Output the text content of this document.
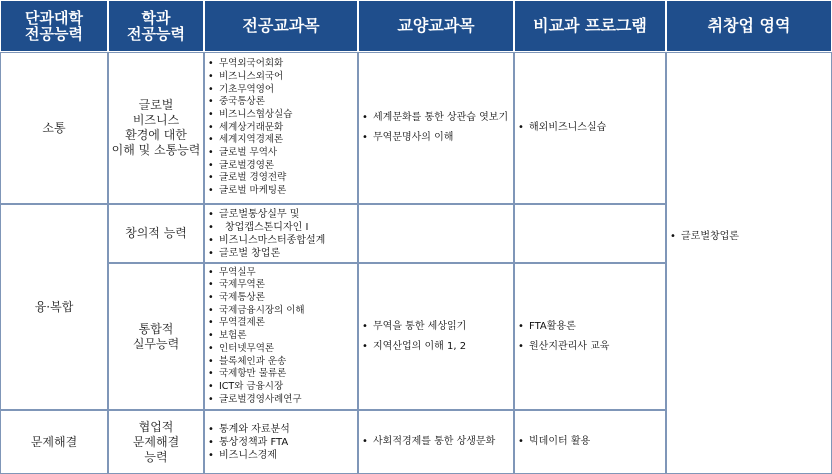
단과대학
전공능력
학과
전공능력	전공교과목	교양교과목	비교과 프로그램	취창업 영역
소통
글로벌
비즈니스
환경에 대한
이해 및 소통능력
• 무역외국어회화
• 비즈니스외국어
• 기초무역영어
• 중국통상론
• 비즈니스협상실습
• 세계상거래문화
• 세계지역경제론
• 글로벌 무역사
• 글로벌경영론
• 글로벌 경영전략
• 글로벌 마케팅론
• 세계문화를 통한 상관습 엿보기
• 무역문명사의 이해
• 해외비즈니스실습
• 글로벌창업론
융·복합
창의적 능력
• 글로벌통상실무 및
• 창업캡스톤디자인 Ⅰ
• 비즈니스마스터종합설계
• 글로벌 창업론
통합적
실무능력
• 무역실무
• 국제무역론
• 국제통상론
• 국제금융시장의 이해
• 무역결제론
• 보험론
• 인터넷무역론
• 블록체인과 운송
• 국제항만 물류론
• ICT와 금융시장
• 글로벌경영사례연구
• 무역을 통한 세상읽기
• 지역산업의 이해 1, 2
• FTA활용론
• 원산지관리사 교육
문제해결
협업적
문제해결
능력
• 통계와 자료분석
• 통상정책과 FTA
• 비즈니스경제
• 사회적경제를 통한 상생문화
•	빅데이터 활용
